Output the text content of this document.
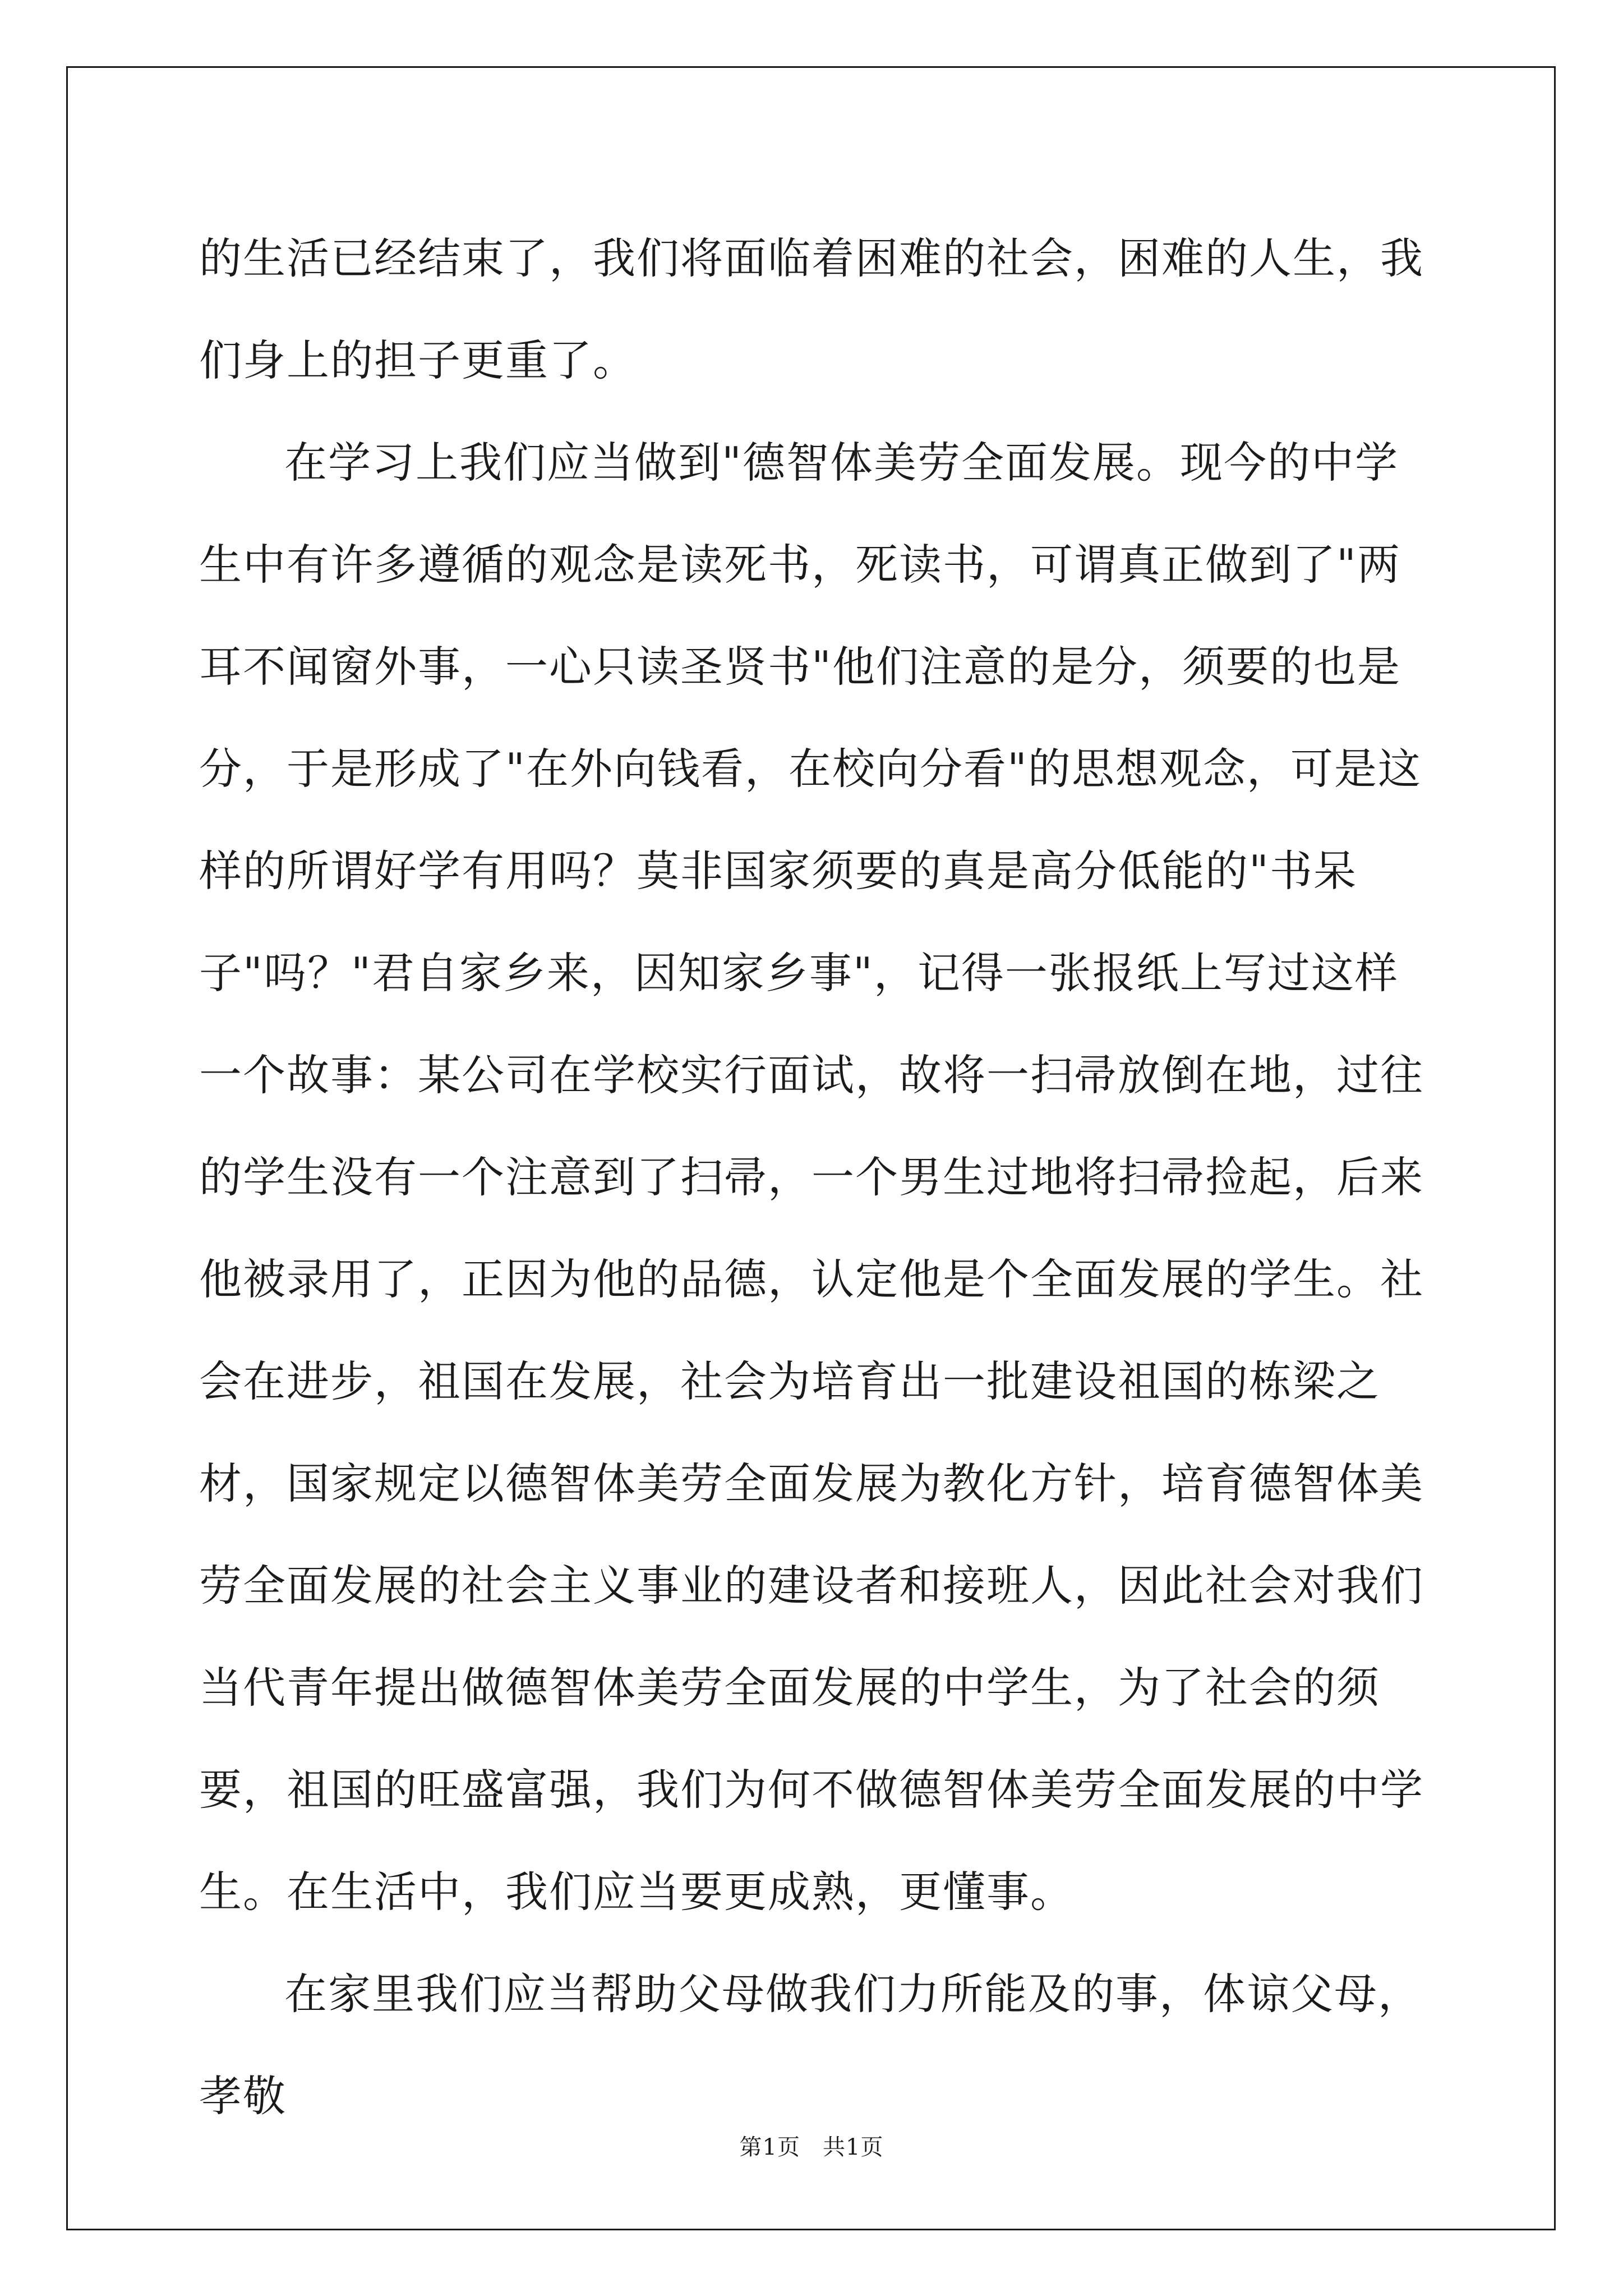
的生活已经结束了，我们将面临着困难的社会，困难的人生，我们身上的担子更重了。

在学习上我们应当做到"德智体美劳全面发展。现今的中学生中有许多遵循的观念是读死书，死读书，可谓真正做到了"两耳不闻窗外事，一心只读圣贤书"他们注意的是分，须要的也是分，于是形成了"在外向钱看，在校向分看"的思想观念，可是这样的所谓好学有用吗？莫非国家须要的真是高分低能的"书呆子"吗？"君自家乡来，因知家乡事"，记得一张报纸上写过这样一个故事：某公司在学校实行面试，故将一扫帚放倒在地，过往的学生没有一个注意到了扫帚，一个男生过地将扫帚捡起，后来他被录用了，正因为他的品德，认定他是个全面发展的学生。社会在进步，祖国在发展，社会为培育出一批建设祖国的栋梁之材，国家规定以德智体美劳全面发展为教化方针，培育德智体美劳全面发展的社会主义事业的建设者和接班人，因此社会对我们当代青年提出做德智体美劳全面发展的中学生，为了社会的须要，祖国的旺盛富强，我们为何不做德智体美劳全面发展的中学生。在生活中，我们应当要更成熟，更懂事。

在家里我们应当帮助父母做我们力所能及的事，体谅父母，孝敬

第1页 共1页
